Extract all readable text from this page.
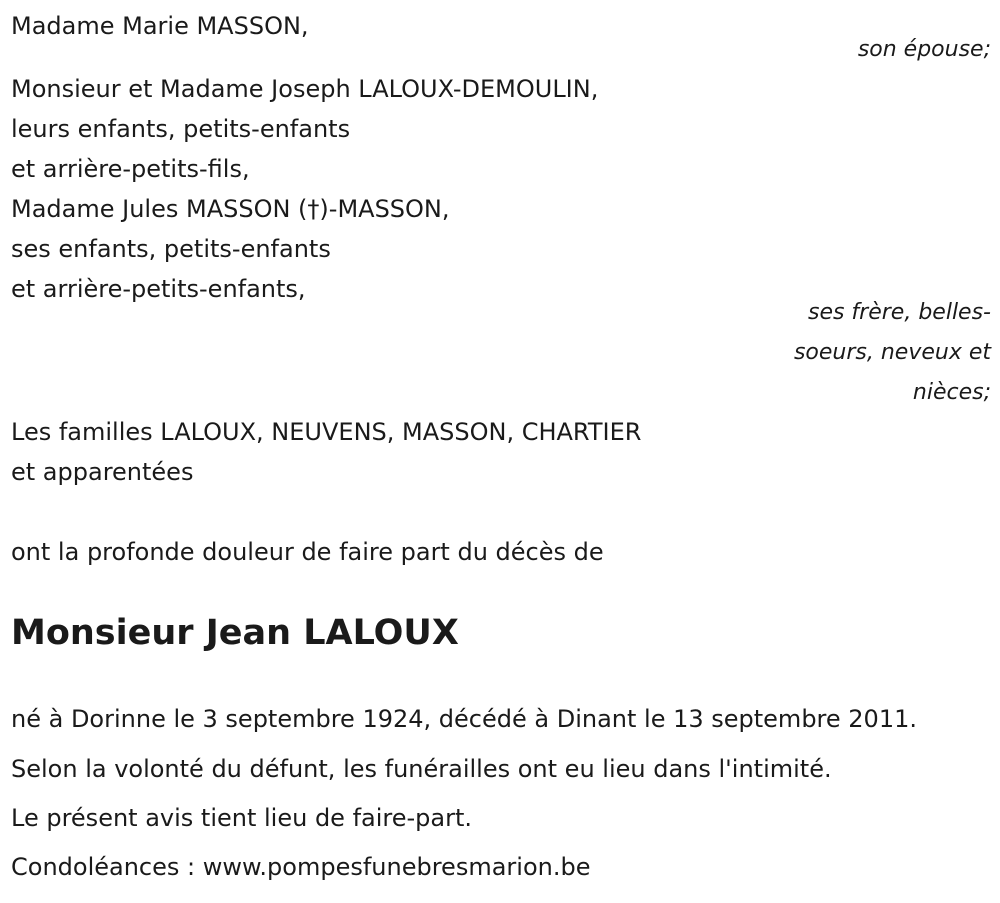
Madame Marie MASSON,
son épouse;
Monsieur et Madame Joseph LALOUX-DEMOULIN,
leurs enfants, petits-enfants
et arrière-petits-fils,
Madame Jules MASSON (†)-MASSON,
ses enfants, petits-enfants
et arrière-petits-enfants,
ses frère, belles-
soeurs, neveux et
nièces;
Les familles LALOUX, NEUVENS, MASSON, CHARTIER
et apparentées
ont la profonde douleur de faire part du décès de
Monsieur Jean LALOUX
né à Dorinne le 3 septembre 1924, décédé à Dinant le 13 septembre 2011.
Selon la volonté du défunt, les funérailles ont eu lieu dans l'intimité.
Le présent avis tient lieu de faire-part.
Condoléances : www.pompesfunebresmarion.be
